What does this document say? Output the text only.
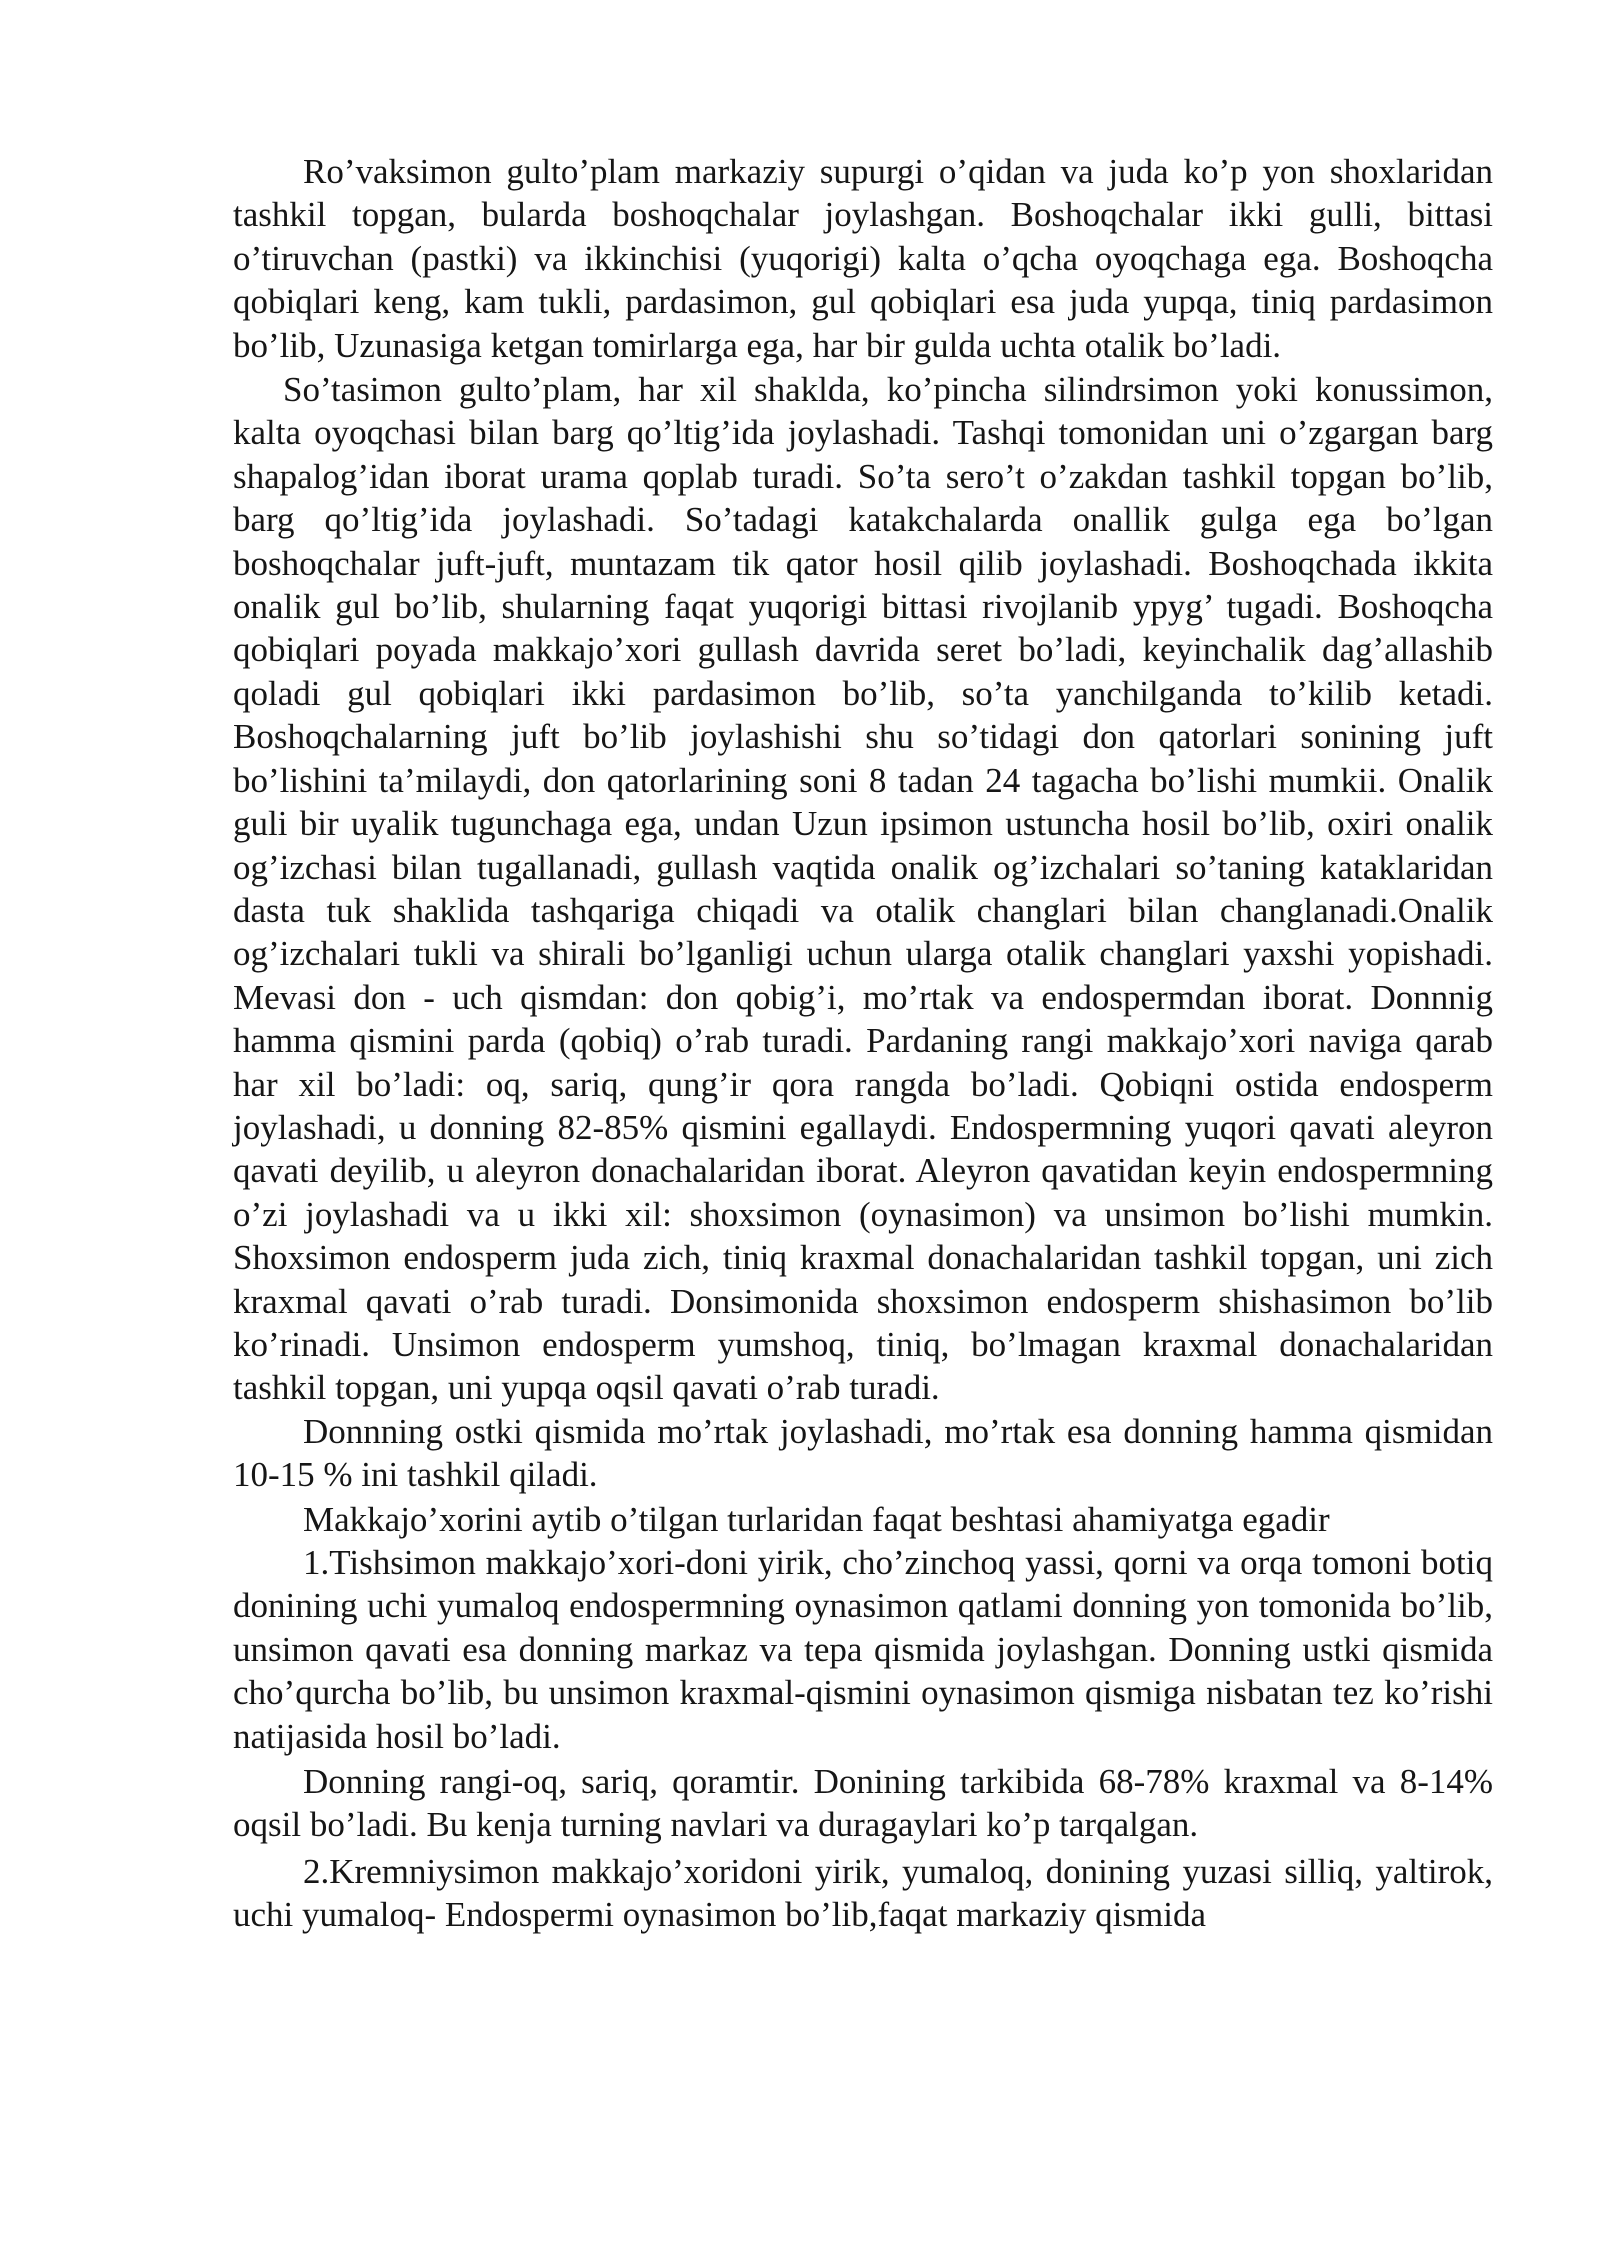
Ro’vaksimon gulto’plam markaziy supurgi o’qidan va juda ko’p yon shoxlaridan tashkil topgan, bularda boshoqchalar joylashgan. Boshoqchalar ikki gulli, bittasi o’tiruvchan (pastki) va ikkinchisi (yuqorigi) kalta o’qcha oyoqchaga ega. Boshoqcha qobiqlari keng, kam tukli, pardasimon, gul qobiqlari esa juda yupqa, tiniq pardasimon bo’lib, Uzunasiga ketgan tomirlarga ega, har bir gulda uchta otalik bo’ladi.

So’tasimon gulto’plam, har xil shaklda, ko’pincha silindrsimon yoki konussimon, kalta oyoqchasi bilan barg qo’ltig’ida joylashadi. Tashqi tomonidan uni o’zgargan barg shapalog’idan iborat urama qoplab turadi. So’ta sero’t o’zakdan tashkil topgan bo’lib, barg qo’ltig’ida joylashadi. So’tadagi katakchalarda onallik gulga ega bo’lgan boshoqchalar juft-juft, muntazam tik qator hosil qilib joylashadi. Boshoqchada ikkita onalik gul bo’lib, shularning faqat yuqorigi bittasi rivojlanib ypyg’ tugadi. Boshoqcha qobiqlari poyada makkajo’xori gullash davrida seret bo’ladi, keyinchalik dag’allashib qoladi gul qobiqlari ikki pardasimon bo’lib, so’ta yanchilganda to’kilib ketadi. Boshoqchalarning juft bo’lib joylashishi shu so’tidagi don qatorlari sonining juft bo’lishini ta’milaydi, don qatorlarining soni 8 tadan 24 tagacha bo’lishi mumkii. Onalik guli bir uyalik tugunchaga ega, undan Uzun ipsimon ustuncha hosil bo’lib, oxiri onalik og’izchasi bilan tugallanadi, gullash vaqtida onalik og’izchalari so’taning kataklaridan dasta tuk shaklida tashqariga chiqadi va otalik changlari bilan changlanadi.Onalik og’izchalari tukli va shirali bo’lganligi uchun ularga otalik changlari yaxshi yopishadi. Mevasi don - uch qismdan: don qobig’i, mo’rtak va endospermdan iborat. Donnnig hamma qismini parda (qobiq) o’rab turadi. Pardaning rangi makkajo’xori naviga qarab har xil bo’ladi: oq, sariq, qung’ir qora rangda bo’ladi. Qobiqni ostida endosperm joylashadi, u donning 82-85% qismini egallaydi. Endospermning yuqori qavati aleyron qavati deyilib, u aleyron donachalaridan iborat. Aleyron qavatidan keyin endospermning o’zi joylashadi va u ikki xil: shoxsimon (oynasimon) va unsimon bo’lishi mumkin. Shoxsimon endosperm juda zich, tiniq kraxmal donachalaridan tashkil topgan, uni zich kraxmal qavati o’rab turadi. Donsimonida shoxsimon endosperm shishasimon bo’lib ko’rinadi. Unsimon endosperm yumshoq, tiniq, bo’lmagan kraxmal donachalaridan tashkil topgan, uni yupqa oqsil qavati o’rab turadi.

Donnning ostki qismida mo’rtak joylashadi, mo’rtak esa donning hamma qismidan 10-15 % ini tashkil qiladi.

Makkajo’xorini aytib o’tilgan turlaridan faqat beshtasi ahamiyatga egadir

1.Tishsimon makkajo’xori-doni yirik, cho’zinchoq yassi, qorni va orqa tomoni botiq donining uchi yumaloq endospermning oynasimon qatlami donning yon tomonida bo’lib, unsimon qavati esa donning markaz va tepa qismida joylashgan. Donning ustki qismida cho’qurcha bo’lib, bu unsimon kraxmal-qismini oynasimon qismiga nisbatan tez ko’rishi natijasida hosil bo’ladi.

Donning rangi-oq, sariq, qoramtir. Donining tarkibida 68-78% kraxmal va 8-14% oqsil bo’ladi. Bu kenja turning navlari va duragaylari ko’p tarqalgan.

2.Kremniysimon makkajo’xoridoni yirik, yumaloq, donining yuzasi silliq, yaltirok, uchi yumaloq- Endospermi oynasimon bo’lib,faqat markaziy qismida
